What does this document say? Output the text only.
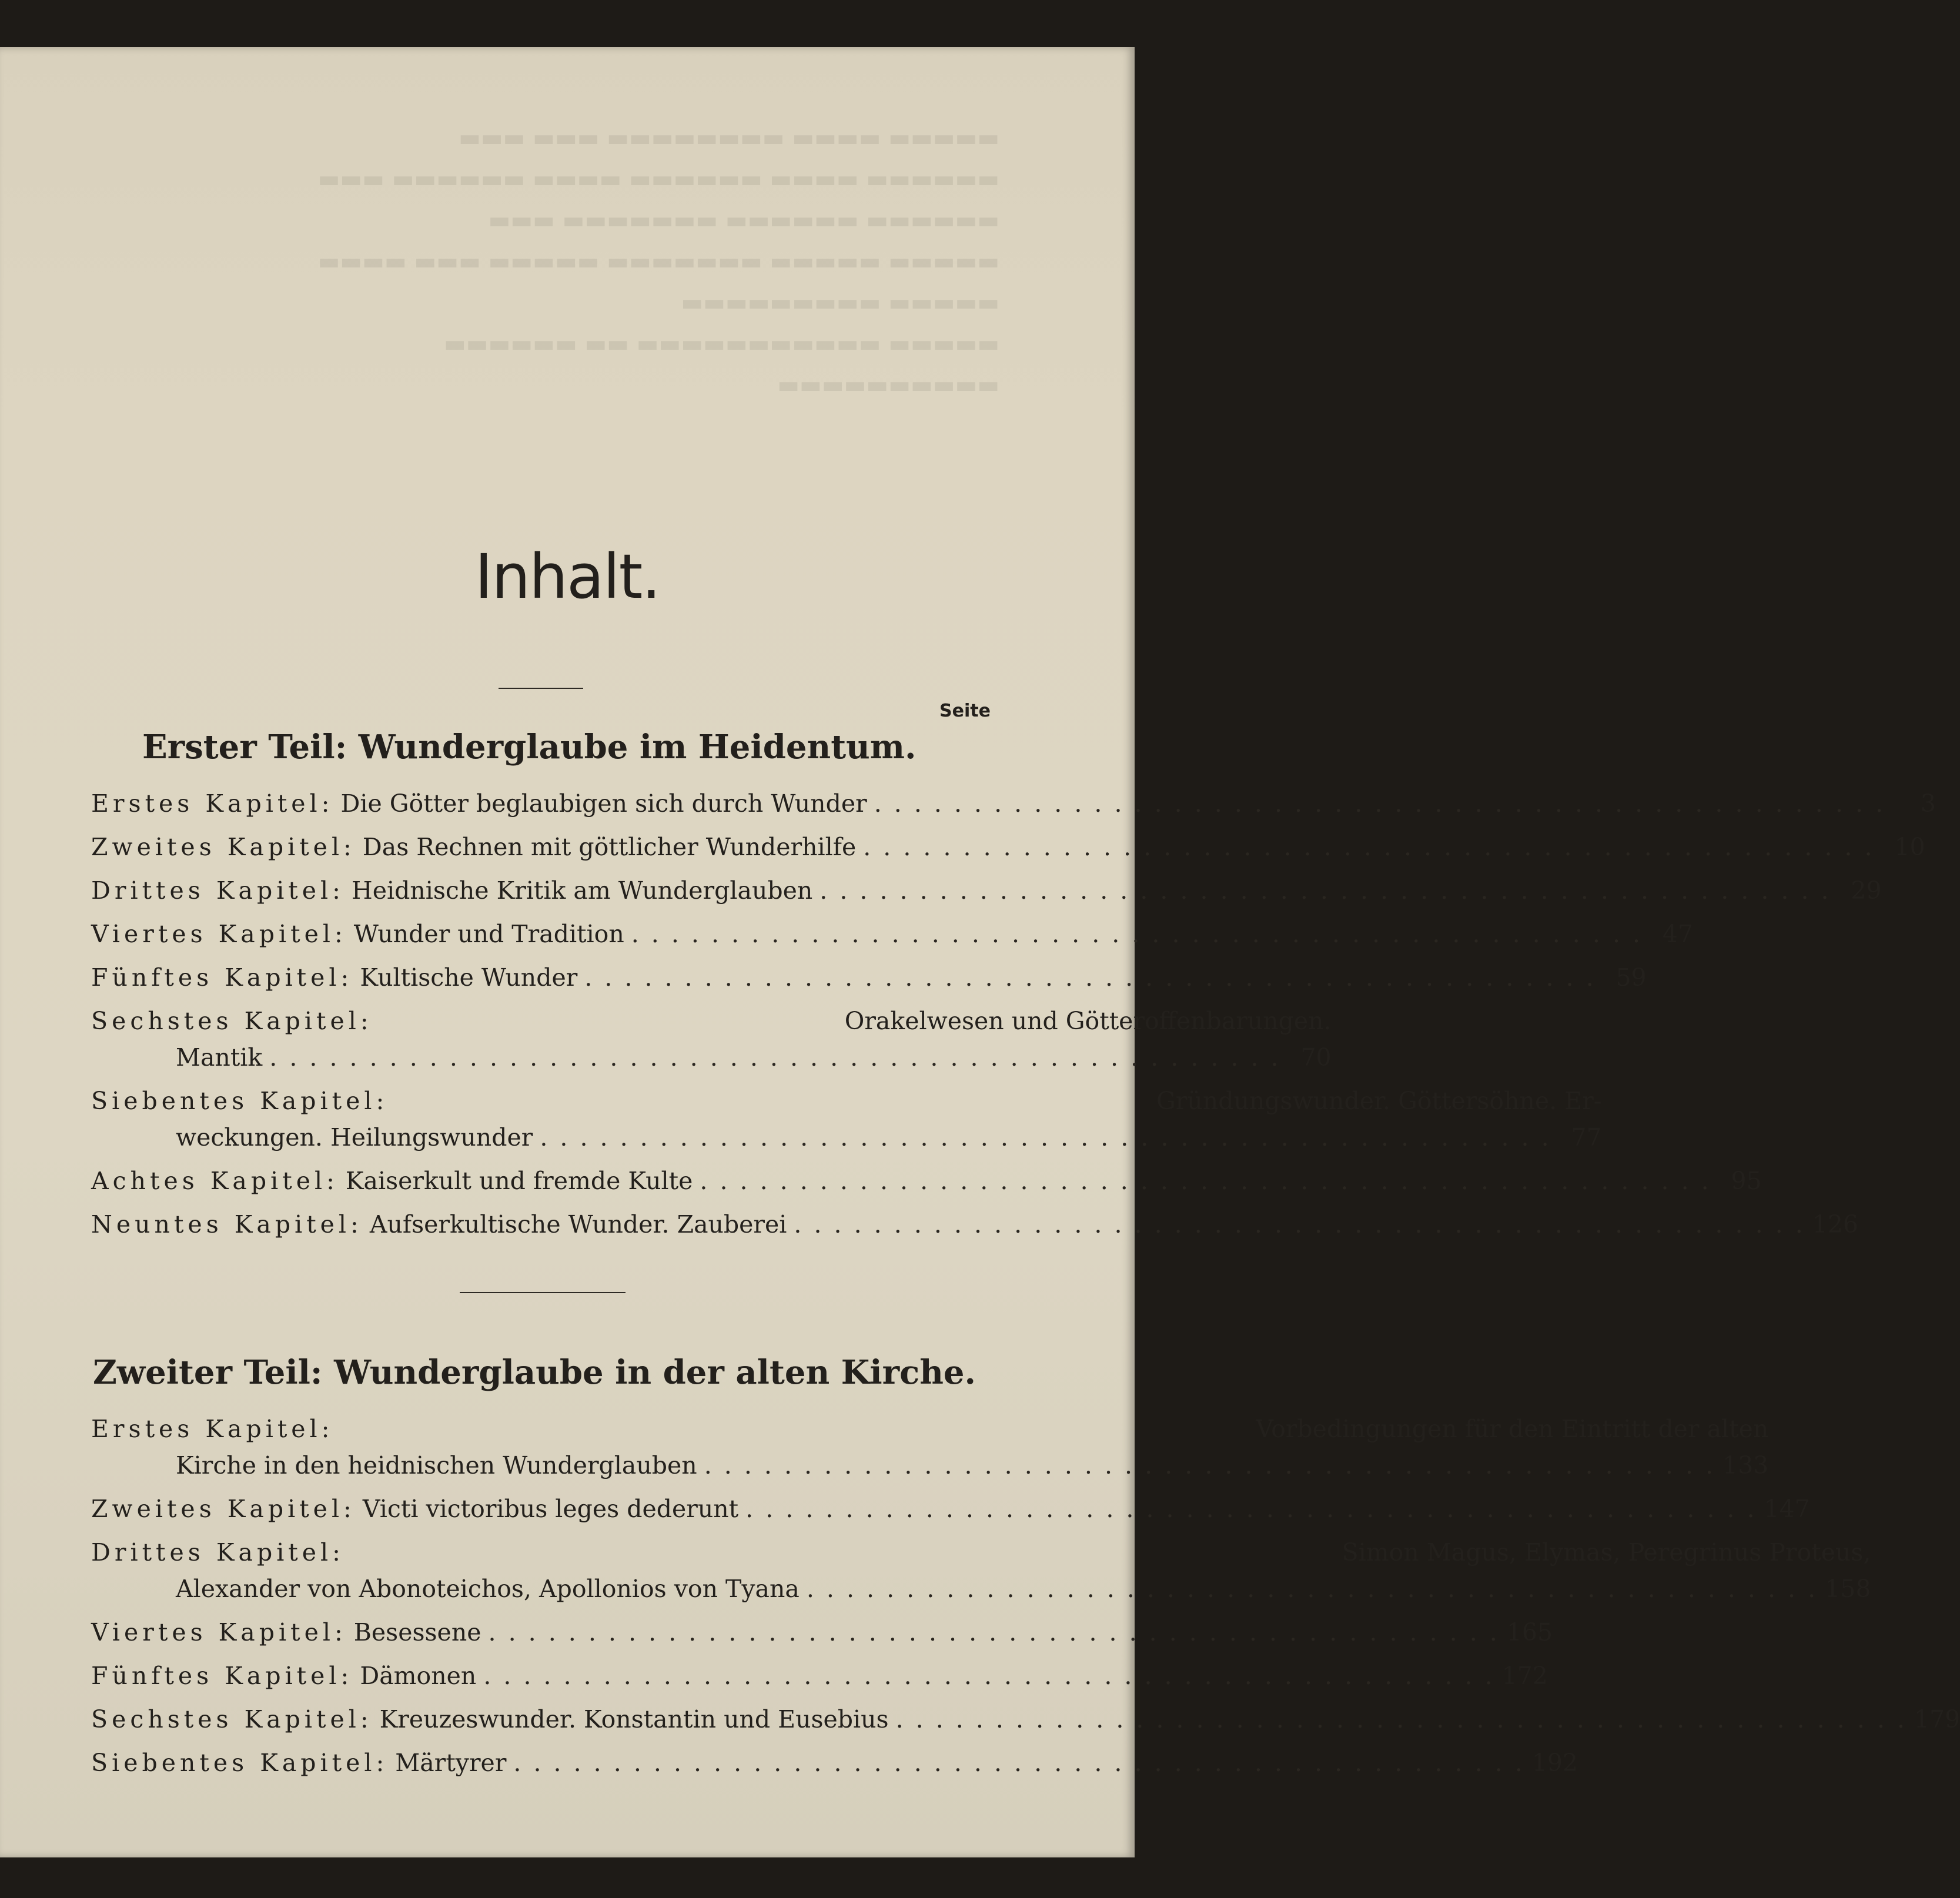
▬▬▬▬▬ ▬▬▬▬ ▬▬▬▬▬▬▬▬ ▬▬▬ ▬▬▬
▬▬▬▬▬▬ ▬▬▬▬ ▬▬▬▬▬▬ ▬▬▬▬ ▬▬▬▬▬▬ ▬▬▬
▬▬▬▬▬▬ ▬▬▬▬▬▬ ▬▬▬▬▬▬▬ ▬▬▬
▬▬▬▬▬ ▬▬▬▬▬ ▬▬▬▬▬▬▬ ▬▬▬▬▬ ▬▬▬ ▬▬▬▬
▬▬▬▬▬ ▬▬▬▬▬▬▬▬▬
▬▬▬▬▬ ▬▬▬▬▬▬▬▬▬▬▬ ▬▬ ▬▬▬▬▬▬
▬▬▬▬▬▬▬▬▬▬
Inhalt.
Seite
Erster Teil: Wunderglaube im Heidentum.
Erstes Kapitel: Die Götter beglaubigen sich durch Wunder . . .	3
Zweites Kapitel: Das Rechnen mit göttlicher Wunderhilfe . . .	10
Drittes Kapitel: Heidnische Kritik am Wunderglauben . . .	29
Viertes Kapitel: Wunder und Tradition . . .	47
Fünftes Kapitel: Kultische Wunder . . .	59
Sechstes Kapitel:	Orakelwesen und Götteroffenbarungen.
Mantik . . .	70
Siebentes Kapitel:	Gründungswunder. Göttersöhne. Er-
weckungen. Heilungswunder . . .	77
Achtes Kapitel: Kaiserkult und fremde Kulte . . .	95
Neuntes Kapitel: Aufserkultische Wunder. Zauberei . . .	126
Zweiter Teil: Wunderglaube in der alten Kirche.
Erstes Kapitel:	Vorbedingungen für den Eintritt der alten
Kirche in den heidnischen Wunderglauben . . .	133
Zweites Kapitel: Victi victoribus leges dederunt . . .	147
Drittes Kapitel:	Simon Magus, Elymas, Peregrinus Proteus,
Alexander von Abonoteichos, Apollonios von Tyana . . .	158
Viertes Kapitel: Besessene . . .	165
Fünftes Kapitel: Dämonen . . .	172
Sechstes Kapitel: Kreuzeswunder. Konstantin und Eusebius . . .	179
Siebentes Kapitel: Märtyrer . . .	192
